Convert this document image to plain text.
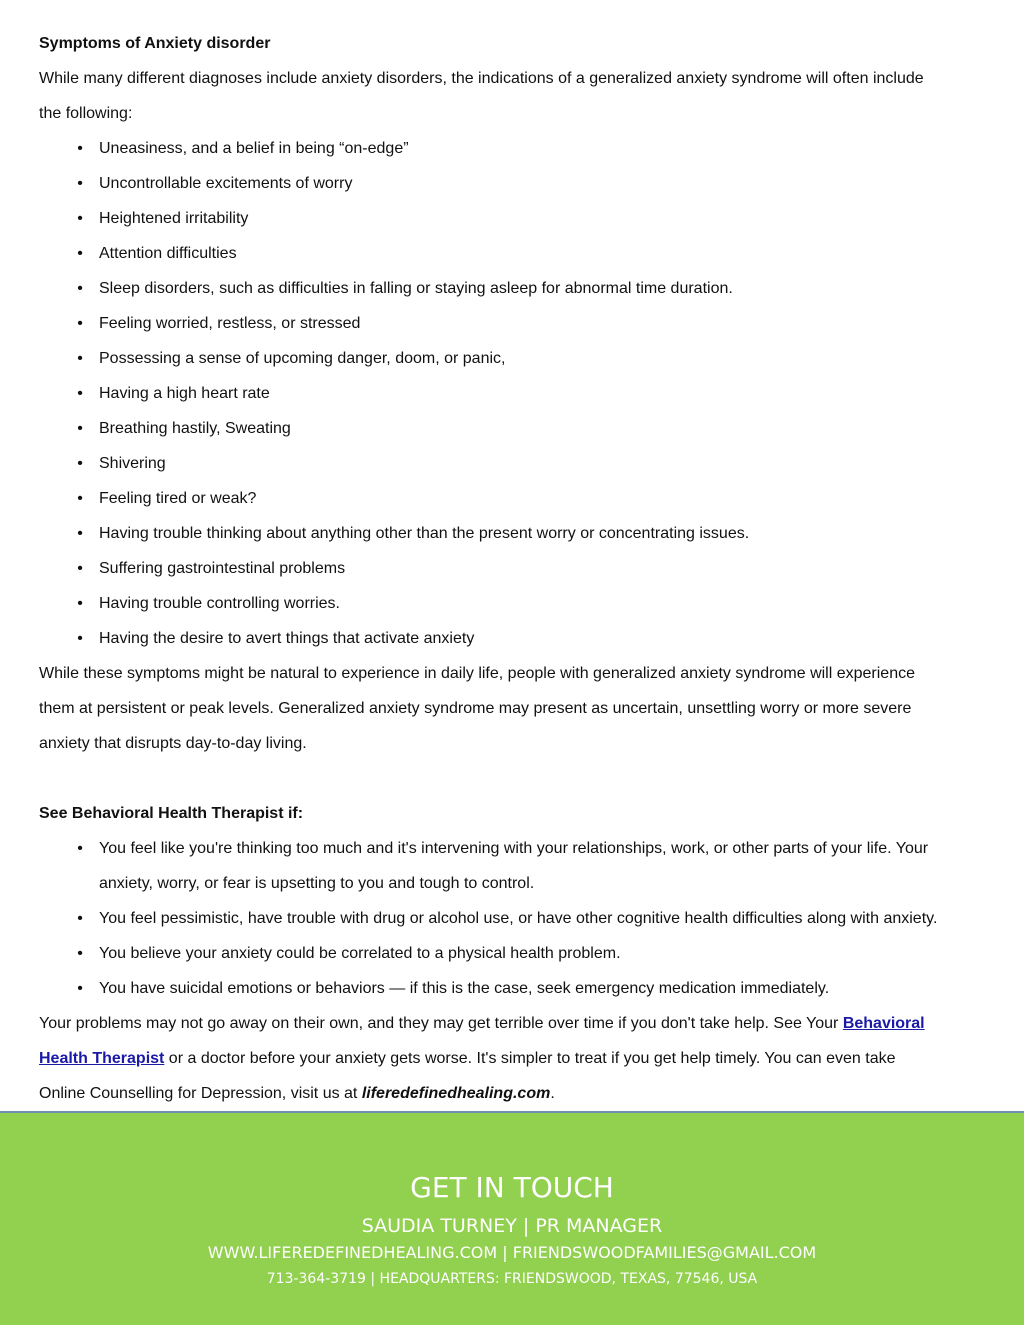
Symptoms of Anxiety disorder
While many different diagnoses include anxiety disorders, the indications of a generalized anxiety syndrome will often include
the following:
• Uneasiness, and a belief in being “on-edge”
• Uncontrollable excitements of worry
• Heightened irritability
• Attention difficulties
• Sleep disorders, such as difficulties in falling or staying asleep for abnormal time duration.
• Feeling worried, restless, or stressed
• Possessing a sense of upcoming danger, doom, or panic,
• Having a high heart rate
• Breathing hastily, Sweating
• Shivering
• Feeling tired or weak?
• Having trouble thinking about anything other than the present worry or concentrating issues.
• Suffering gastrointestinal problems
• Having trouble controlling worries.
• Having the desire to avert things that activate anxiety
While these symptoms might be natural to experience in daily life, people with generalized anxiety syndrome will experience
them at persistent or peak levels. Generalized anxiety syndrome may present as uncertain, unsettling worry or more severe
anxiety that disrupts day-to-day living.
See Behavioral Health Therapist if:
• You feel like you're thinking too much and it's intervening with your relationships, work, or other parts of your life. Your
anxiety, worry, or fear is upsetting to you and tough to control.
• You feel pessimistic, have trouble with drug or alcohol use, or have other cognitive health difficulties along with anxiety.
• You believe your anxiety could be correlated to a physical health problem.
• You have suicidal emotions or behaviors — if this is the case, seek emergency medication immediately.
Your problems may not go away on their own, and they may get terrible over time if you don't take help. See Your Behavioral
Health Therapist or a doctor before your anxiety gets worse. It's simpler to treat if you get help timely. You can even take
Online Counselling for Depression, visit us at liferedefinedhealing.com.
GET IN TOUCH
SAUDIA TURNEY | PR MANAGER
WWW.LIFEREDEFINEDHEALING.COM | FRIENDSWOODFAMILIES@GMAIL.COM
713-364-3719 | HEADQUARTERS: FRIENDSWOOD, TEXAS, 77546, USA
